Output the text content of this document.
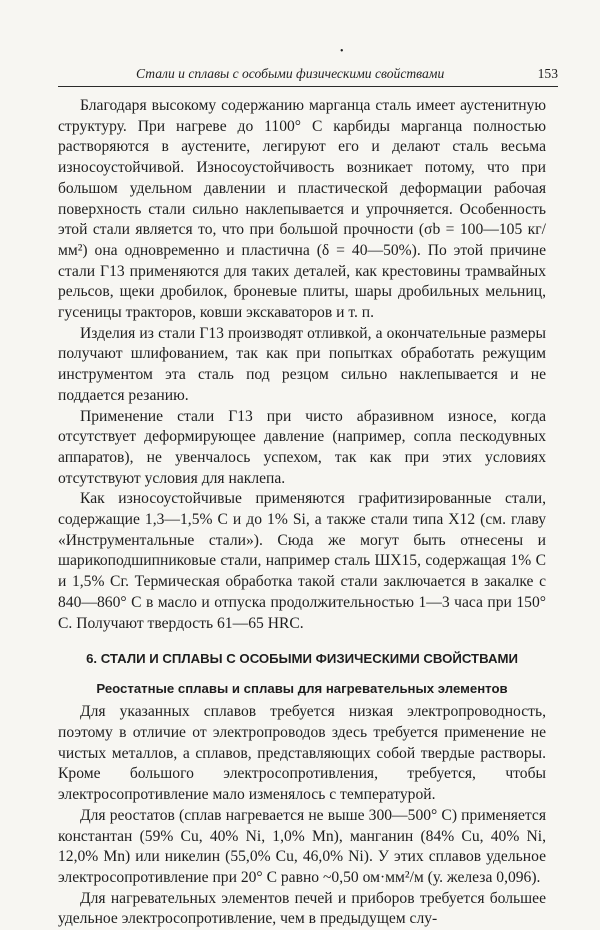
•
Стали и сплавы с особыми физическими свойствами	153

Благодаря высокому содержанию марганца сталь имеет аустенитную структуру. При нагреве до 1100° С карбиды марганца полностью растворяются в аустените, легируют его и делают сталь весьма износоустойчивой. Износоустойчивость возникает потому, что при большом удельном давлении и пластической деформации рабочая поверхность стали сильно наклепывается и упрочняется. Особенность этой стали является то, что при большой прочности (σb = 100—105 кг/мм²) она одновременно и пластична (δ = 40—50%). По этой причине стали Г13 применяются для таких деталей, как крестовины трамвайных рельсов, щеки дробилок, броневые плиты, шары дробильных мельниц, гусеницы тракторов, ковши экскаваторов и т. п.

Изделия из стали Г13 производят отливкой, а окончательные размеры получают шлифованием, так как при попытках обработать режущим инструментом эта сталь под резцом сильно наклепывается и не поддается резанию.

Применение стали Г13 при чисто абразивном износе, когда отсутствует деформирующее давление (например, сопла пескодувных аппаратов), не увенчалось успехом, так как при этих условиях отсутствуют условия для наклепа.

Как износоустойчивые применяются графитизированные стали, содержащие 1,3—1,5% С и до 1% Si, а также стали типа Х12 (см. главу «Инструментальные стали»). Сюда же могут быть отнесены и шарикоподшипниковые стали, например сталь ШХ15, содержащая 1% С и 1,5% Сг. Термическая обработка такой стали заключается в закалке с 840—860° С в масло и отпуска продолжительностью 1—3 часа при 150° С. Получают твердость 61—65 HRC.

6. СТАЛИ И СПЛАВЫ С ОСОБЫМИ ФИЗИЧЕСКИМИ СВОЙСТВАМИ
Реостатные сплавы и сплавы для нагревательных элементов

Для указанных сплавов требуется низкая электропроводность, поэтому в отличие от электропроводов здесь требуется применение не чистых металлов, а сплавов, представляющих собой твердые растворы. Кроме большого электросопротивления, требуется, чтобы электросопротивление мало изменялось с температурой.

Для реостатов (сплав нагревается не выше 300—500° С) применяется константан (59% Cu, 40% Ni, 1,0% Mn), манганин (84% Cu, 40% Ni, 12,0% Mn) или никелин (55,0% Cu, 46,0% Ni). У этих сплавов удельное электросопротивление при 20° С равно ~0,50 ом·мм²/м (у. железа 0,096).

Для нагревательных элементов печей и приборов требуется большее удельное электросопротивление, чем в предыдущем слу-
